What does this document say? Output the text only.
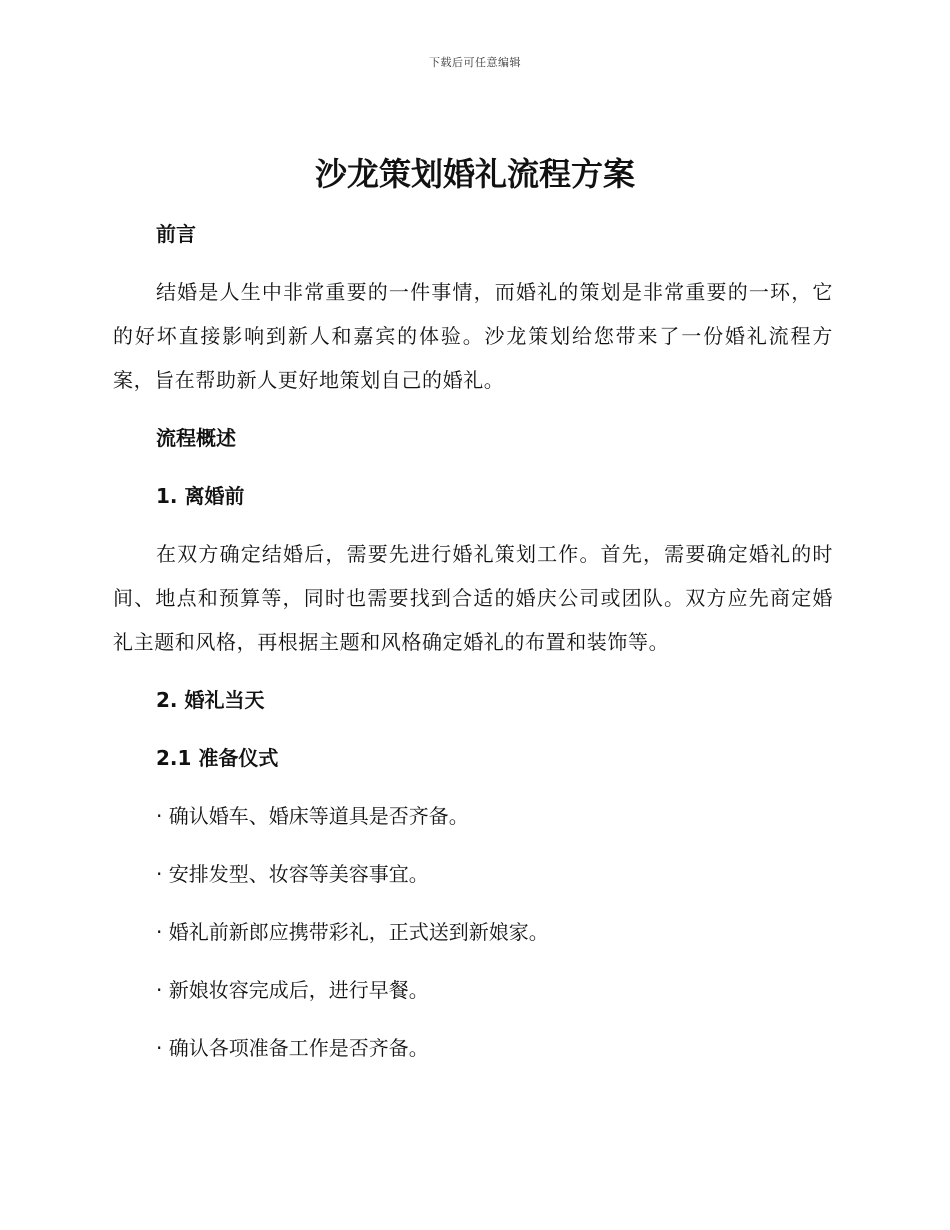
下载后可任意编辑
沙龙策划婚礼流程方案

前言

结婚是人生中非常重要的一件事情，而婚礼的策划是非常重要的一环，它的好坏直接影响到新人和嘉宾的体验。沙龙策划给您带来了一份婚礼流程方案，旨在帮助新人更好地策划自己的婚礼。

流程概述

1. 离婚前

在双方确定结婚后，需要先进行婚礼策划工作。首先，需要确定婚礼的时间、地点和预算等，同时也需要找到合适的婚庆公司或团队。双方应先商定婚礼主题和风格，再根据主题和风格确定婚礼的布置和装饰等。

2. 婚礼当天

2.1 准备仪式

· 确认婚车、婚床等道具是否齐备。

· 安排发型、妆容等美容事宜。

· 婚礼前新郎应携带彩礼，正式送到新娘家。

· 新娘妆容完成后，进行早餐。

· 确认各项准备工作是否齐备。
